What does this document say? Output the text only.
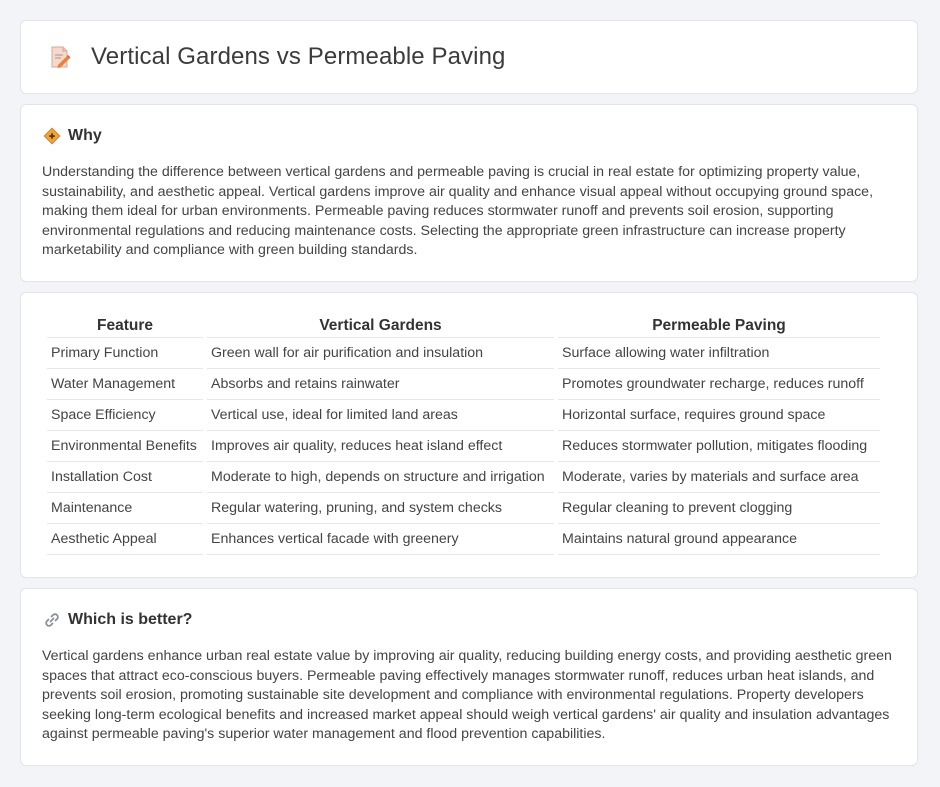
Vertical Gardens vs Permeable Paving
Why

Understanding the difference between vertical gardens and permeable paving is crucial in real estate for optimizing property value, sustainability, and aesthetic appeal. Vertical gardens improve air quality and enhance visual appeal without occupying ground space, making them ideal for urban environments. Permeable paving reduces stormwater runoff and prevents soil erosion, supporting environmental regulations and reducing maintenance costs. Selecting the appropriate green infrastructure can increase property marketability and compliance with green building standards.

Feature	Vertical Gardens	Permeable Paving
Primary Function	Green wall for air purification and insulation	Surface allowing water infiltration
Water Management	Absorbs and retains rainwater	Promotes groundwater recharge, reduces runoff
Space Efficiency	Vertical use, ideal for limited land areas	Horizontal surface, requires ground space
Environmental Benefits	Improves air quality, reduces heat island effect	Reduces stormwater pollution, mitigates flooding
Installation Cost	Moderate to high, depends on structure and irrigation	Moderate, varies by materials and surface area
Maintenance	Regular watering, pruning, and system checks	Regular cleaning to prevent clogging
Aesthetic Appeal	Enhances vertical facade with greenery	Maintains natural ground appearance
Which is better?

Vertical gardens enhance urban real estate value by improving air quality, reducing building energy costs, and providing aesthetic green spaces that attract eco-conscious buyers. Permeable paving effectively manages stormwater runoff, reduces urban heat islands, and prevents soil erosion, promoting sustainable site development and compliance with environmental regulations. Property developers seeking long-term ecological benefits and increased market appeal should weigh vertical gardens' air quality and insulation advantages against permeable paving's superior water management and flood prevention capabilities.
